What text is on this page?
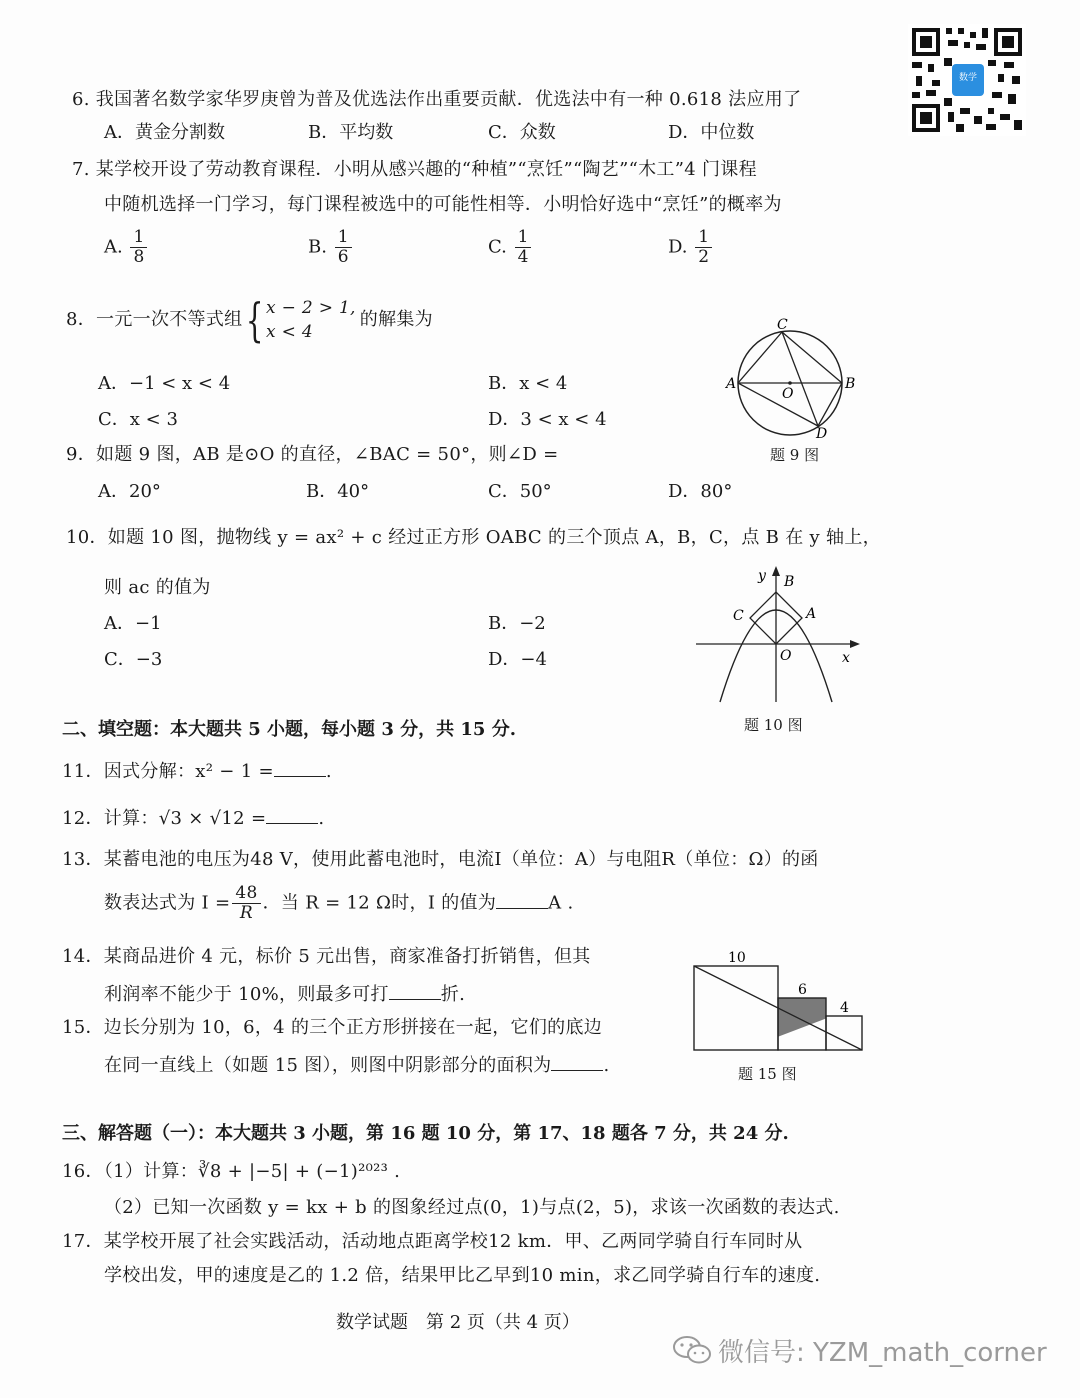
数学
6. 我国著名数学家华罗庚曾为普及优选法作出重要贡献．优选法中有一种 0.618 法应用了
A．黄金分割数	B．平均数	C．众数	D．中位数
7. 某学校开设了劳动教育课程．小明从感兴趣的“种植”“烹饪”“陶艺”“木工”4 门课程
中随机选择一门学习，每门课程被选中的可能性相等．小明恰好选中“烹饪”的概率为
A. $\frac{1}{8}$	B. $\frac{1}{6}$	C. $\frac{1}{4}$	D. $\frac{1}{2}$
8．一元一次不等式组{ x − 2 > 1,
x < 4
的解集为
A．−1 < x < 4	B．x < 4
C．x < 3	D．3 < x < 4
C
A
O
B
D
题 9 图
9．如题 9 图，AB 是⊙O 的直径，∠BAC = 50°，则∠D =
A．20°	B．40°	C．50°	D．80°
10．如题 10 图，抛物线 y = ax² + c 经过正方形 OABC 的三个顶点 A，B，C，点 B 在 y 轴上，
则 ac 的值为
A．−1	B．−2
C．−3	D．−4
y B
C	A
O	x
题 10 图
二、填空题：本大题共 5 小题，每小题 3 分，共 15 分.
11．因式分解：x² − 1 =	.
12．计算：√3 × √12 =	.
13．某蓄电池的电压为48 V，使用此蓄电池时，电流I（单位：A）与电阻R（单位：Ω）的函
数表达式为 $I = \frac{48}{R}$ ．当 R = 12 Ω时，I 的值为	A .
14．某商品进价 4 元，标价 5 元出售，商家准备打折销售，但其
利润率不能少于 10%，则最多可打	折.
15．边长分别为 10，6，4 的三个正方形拼接在一起，它们的底边
在同一直线上（如题 15 图），则图中阴影部分的面积为	.
10
6
4
题 15 图
三、解答题（一）：本大题共 3 小题，第 16 题 10 分，第 17、18 题各 7 分，共 24 分.
16．（1）计算：∛8 + |−5| + (−1)²⁰²³ .
（2）已知一次函数 y = kx + b 的图象经过点(0，1)与点(2，5)，求该一次函数的表达式.
17．某学校开展了社会实践活动，活动地点距离学校12 km．甲、乙两同学骑自行车同时从
学校出发，甲的速度是乙的 1.2 倍，结果甲比乙早到10 min，求乙同学骑自行车的速度.
数学试题　第 2 页（共 4 页）
微信号: YZM_math_corner
